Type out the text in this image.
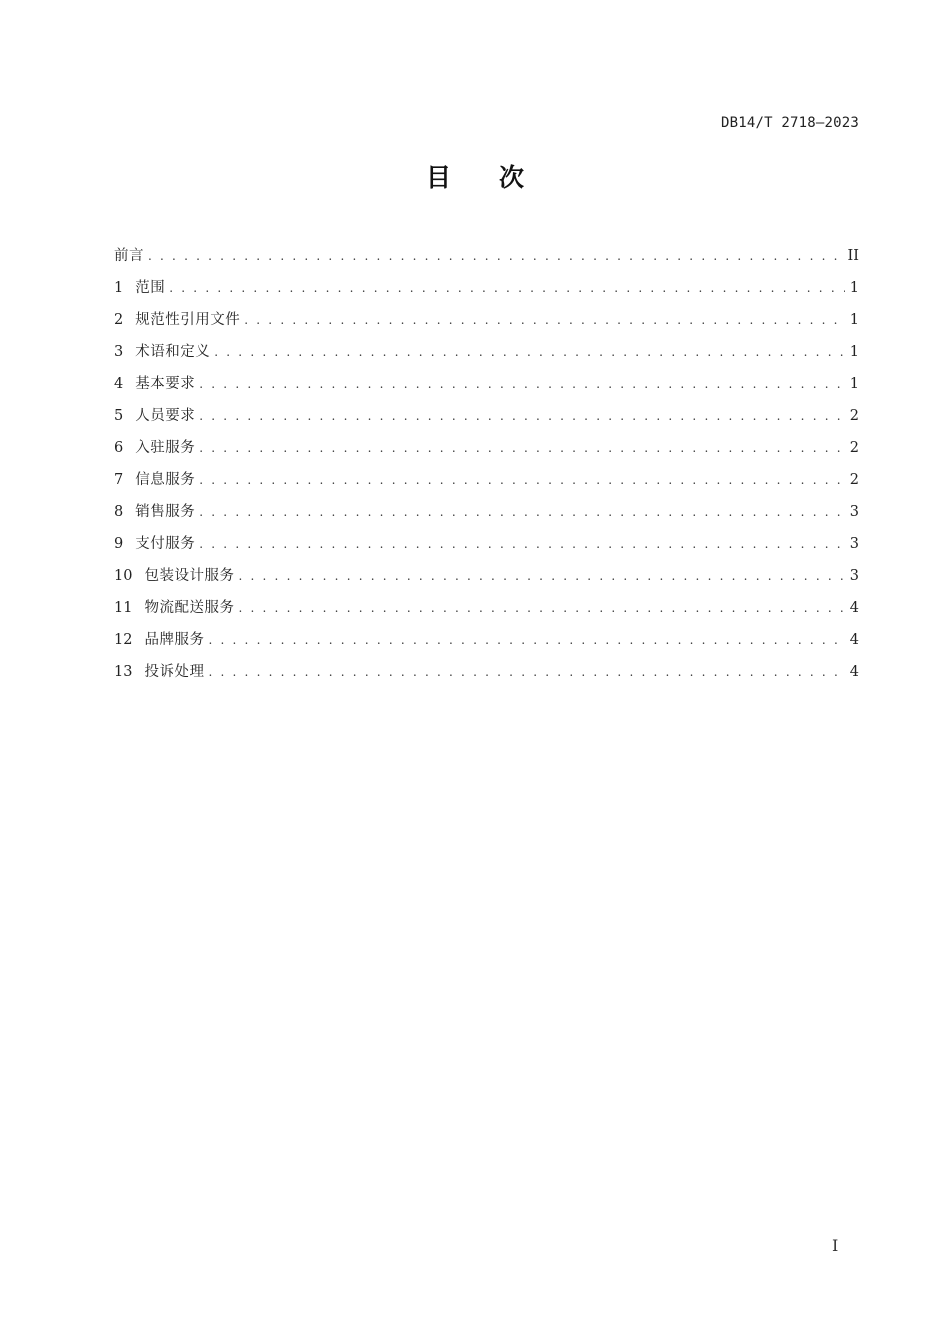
DB14/T 2718—2023
目次
前言 . . .	II
1 范围 . . .	1
2 规范性引用文件 . . .	1
3 术语和定义 . . .	1
4 基本要求 . . .	1
5 人员要求 . . .	2
6 入驻服务 . . .	2
7 信息服务 . . .	2
8 销售服务 . . .	3
9 支付服务 . . .	3
10 包装设计服务 . . .	3
11 物流配送服务 . . .	4
12 品牌服务 . . .	4
13 投诉处理 . . .	4
I
